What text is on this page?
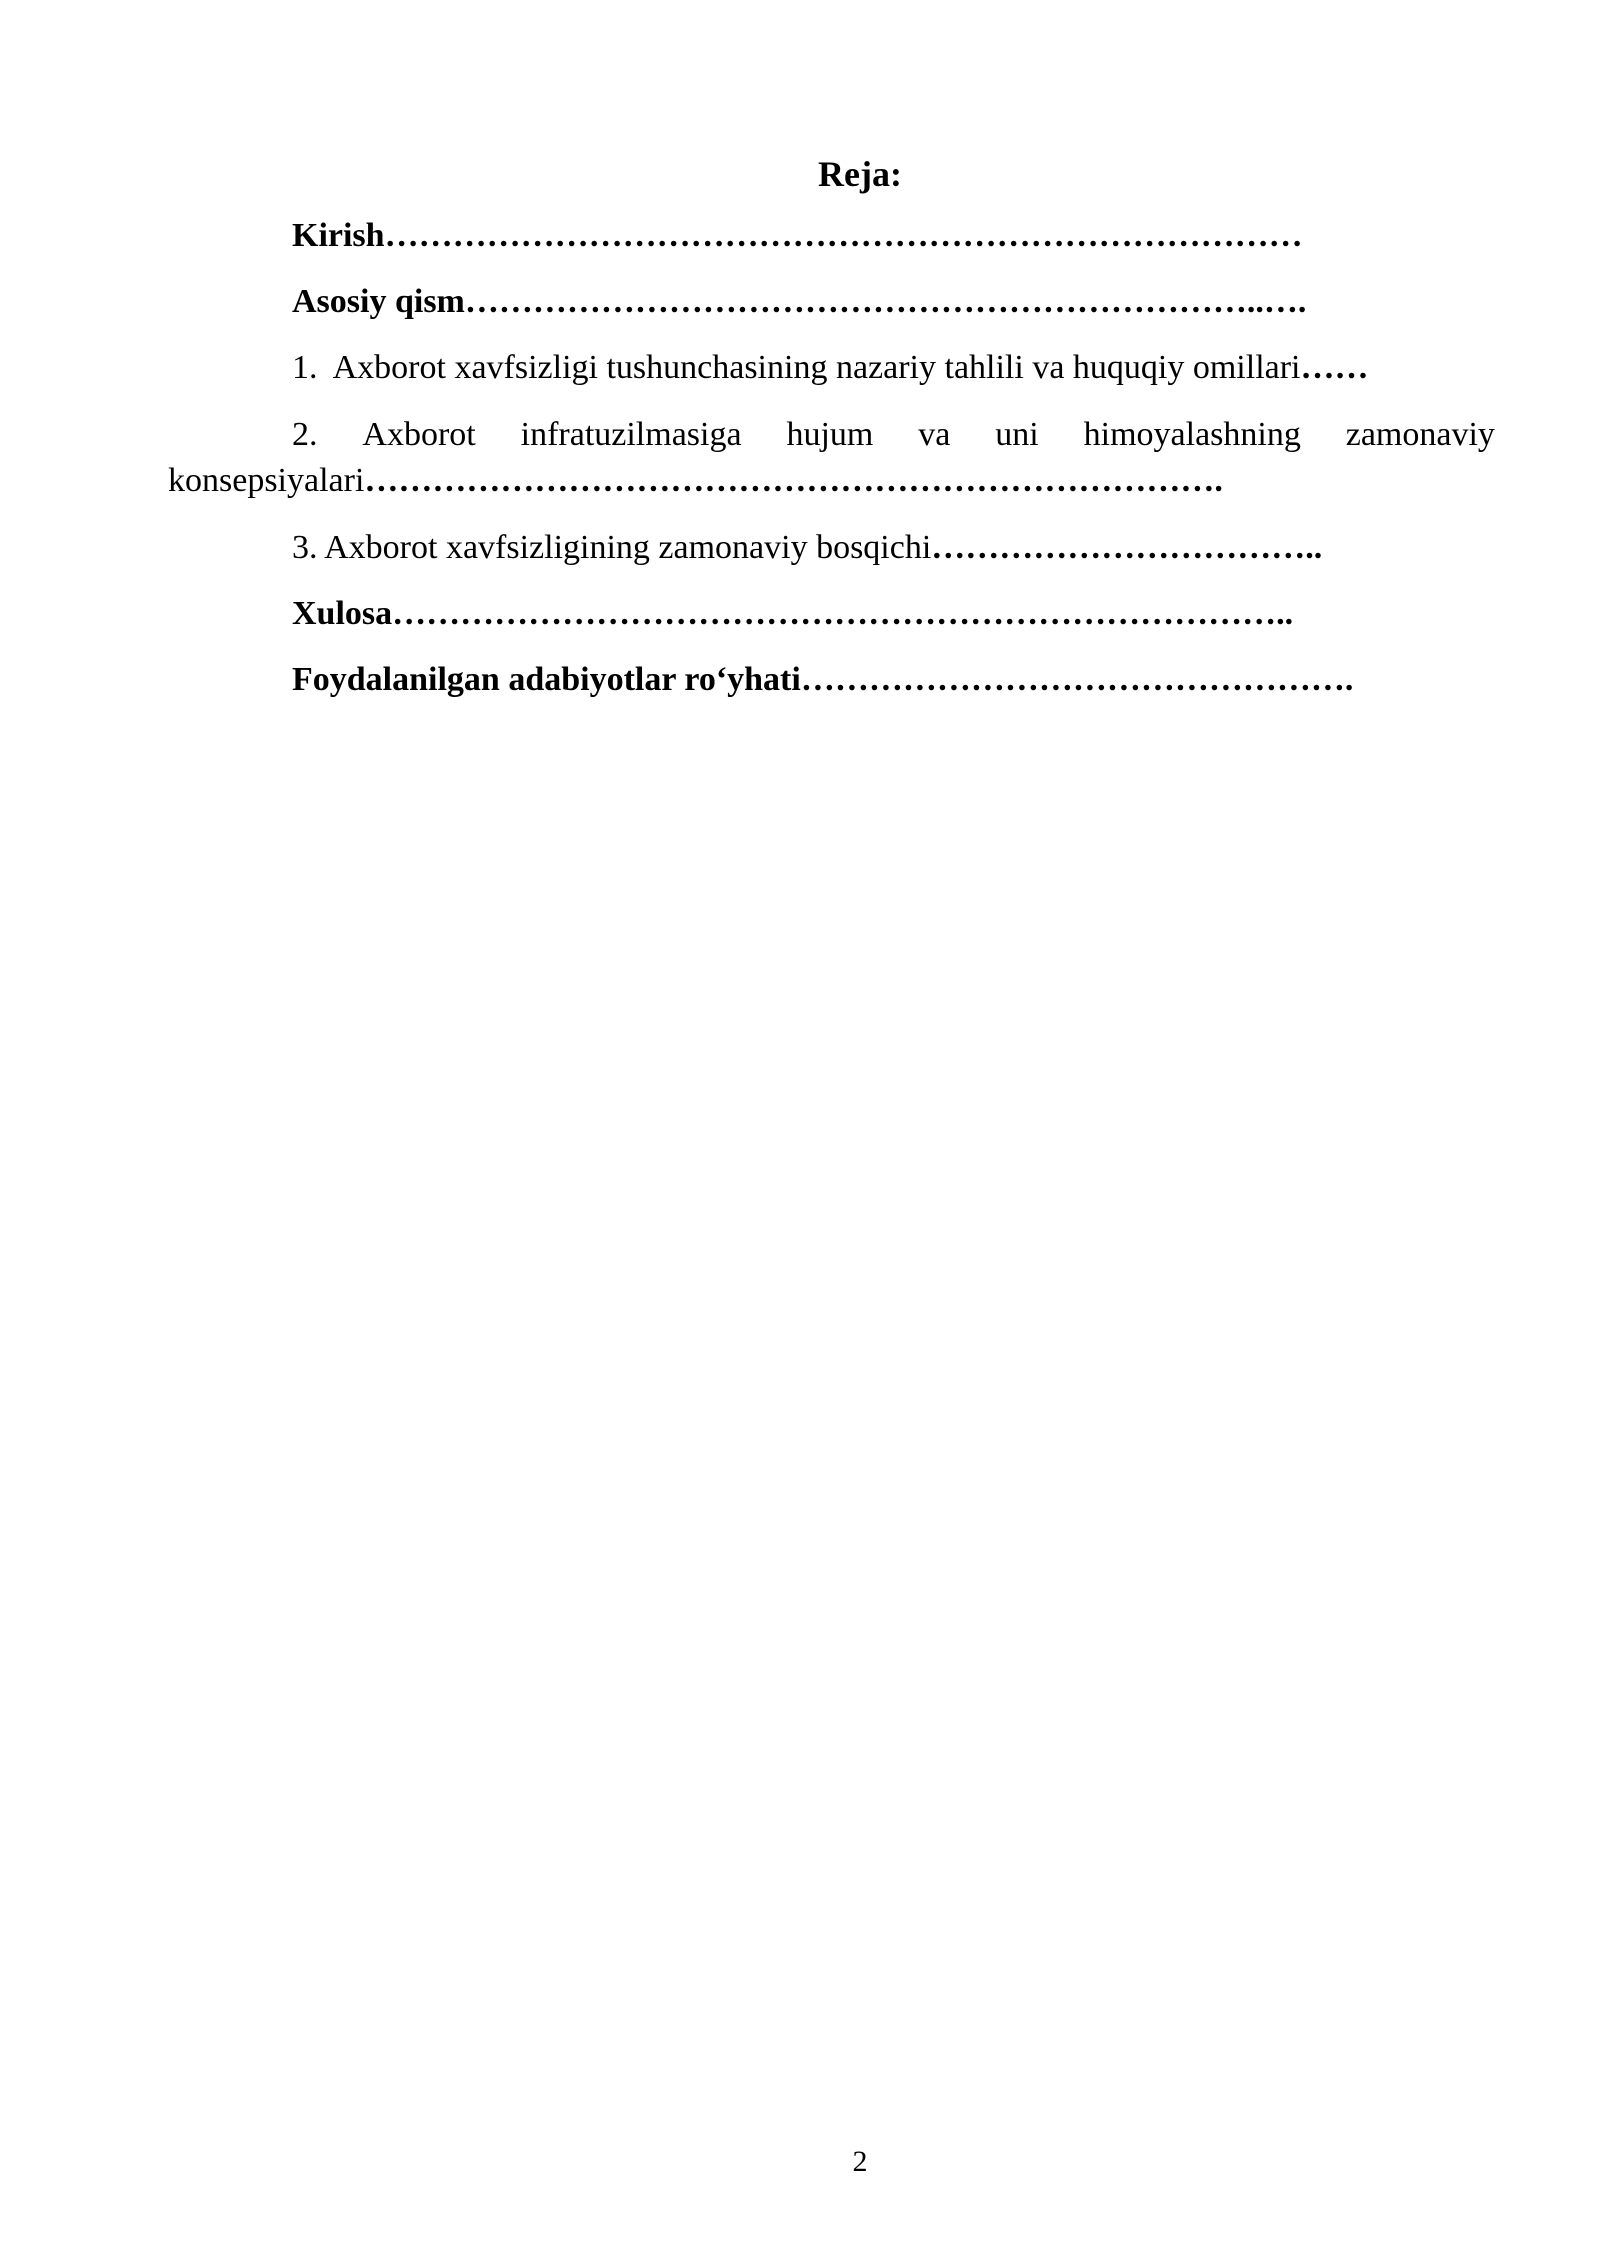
Reja:

Kirish………………………………………………………………………

Asosiy qism……………………………………………………………..….

1. Axborot xavfsizligi tushunchasining nazariy tahlili va huquqiy omillari……

2. Axborot infratuzilmasiga hujum va uni himoyalashning zamonaviy
konsepsiyalari………………………………………………………………….

3. Axborot xavfsizligining zamonaviy bosqichi……………………………..

Xulosa……………………………………………………………………..

Foydalanilgan adabiyotlar ro‘yhati………………………………………….

2
